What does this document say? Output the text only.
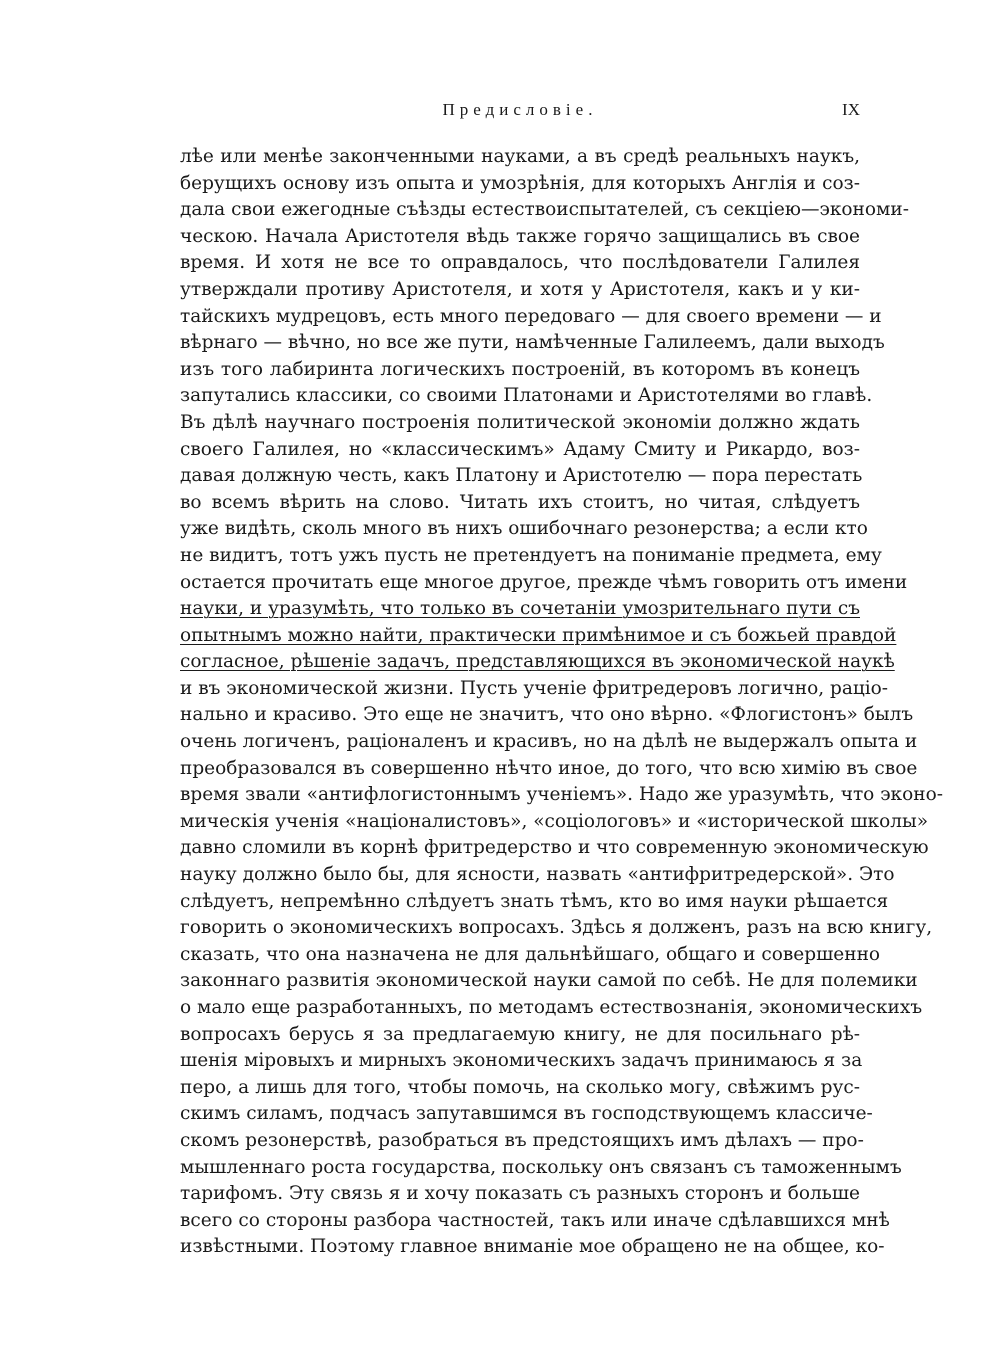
Предисловіе.	IX
лѣе или менѣе законченными науками, а въ средѣ реальныхъ наукъ,
берущихъ основу изъ опыта и умозрѣнія, для которыхъ Англія и соз-
дала свои ежегодные съѣзды естествоиспытателей, съ секціею—экономи-
ческою. Начала Аристотеля вѣдь также горячо защищались въ свое
время. И хотя не все то оправдалось, что послѣдователи Галилея
утверждали противу Аристотеля, и хотя у Аристотеля, какъ и у ки-
тайскихъ мудрецовъ, есть много передоваго — для своего времени — и
вѣрнаго — вѣчно, но все же пути, намѣченные Галилеемъ, дали выходъ
изъ того лабиринта логическихъ построеній, въ которомъ въ конецъ
запутались классики, со своими Платонами и Аристотелями во главѣ.
Въ дѣлѣ научнаго построенія политической экономіи должно ждать
своего Галилея, но «классическимъ» Адаму Смиту и Рикардо, воз-
давая должную честь, какъ Платону и Аристотелю — пора перестать
во всемъ вѣрить на слово. Читать ихъ стоитъ, но читая, слѣдуетъ
уже видѣть, сколь много въ нихъ ошибочнаго резонерства; а если кто
не видитъ, тотъ ужъ пусть не претендуетъ на пониманіе предмета, ему
остается прочитать еще многое другое, прежде чѣмъ говорить отъ имени
науки, и уразумѣть, что только въ сочетаніи умозрительнаго пути съ
опытнымъ можно найти, практически примѣнимое и съ божьей правдой
согласное, рѣшеніе задачъ, представляющихся въ экономической наукѣ
и въ экономической жизни. Пусть ученіе фритредеровъ логично, раціо-
нально и красиво. Это еще не значитъ, что оно вѣрно. «Флогистонъ» былъ
очень логиченъ, раціоналенъ и красивъ, но на дѣлѣ не выдержалъ опыта и
преобразовался въ совершенно нѣчто иное, до того, что всю химію въ свое
время звали «антифлогистоннымъ ученіемъ». Надо же уразумѣть, что эконо-
мическія ученія «націоналистовъ», «соціологовъ» и «исторической школы»
давно сломили въ корнѣ фритредерство и что современную экономическую
науку должно было бы, для ясности, назвать «антифритредерской». Это
слѣдуетъ, непремѣнно слѣдуетъ знать тѣмъ, кто во имя науки рѣшается
говорить о экономическихъ вопросахъ. Здѣсь я долженъ, разъ на всю книгу,
сказать, что она назначена не для дальнѣйшаго, общаго и совершенно
законнаго развитія экономической науки самой по себѣ. Не для полемики
о мало еще разработанныхъ, по методамъ естествознанія, экономическихъ
вопросахъ берусь я за предлагаемую книгу, не для посильнаго рѣ-
шенія міровыхъ и мирныхъ экономическихъ задачъ принимаюсь я за
перо, а лишь для того, чтобы помочь, на сколько могу, свѣжимъ рус-
скимъ силамъ, подчасъ запутавшимся въ господствующемъ классиче-
скомъ резонерствѣ, разобраться въ предстоящихъ имъ дѣлахъ — про-
мышленнаго роста государства, поскольку онъ связанъ съ таможеннымъ
тарифомъ. Эту связь я и хочу показать съ разныхъ сторонъ и больше
всего со стороны разбора частностей, такъ или иначе сдѣлавшихся мнѣ
извѣстными. Поэтому главное вниманіе мое обращено не на общее, ко-
